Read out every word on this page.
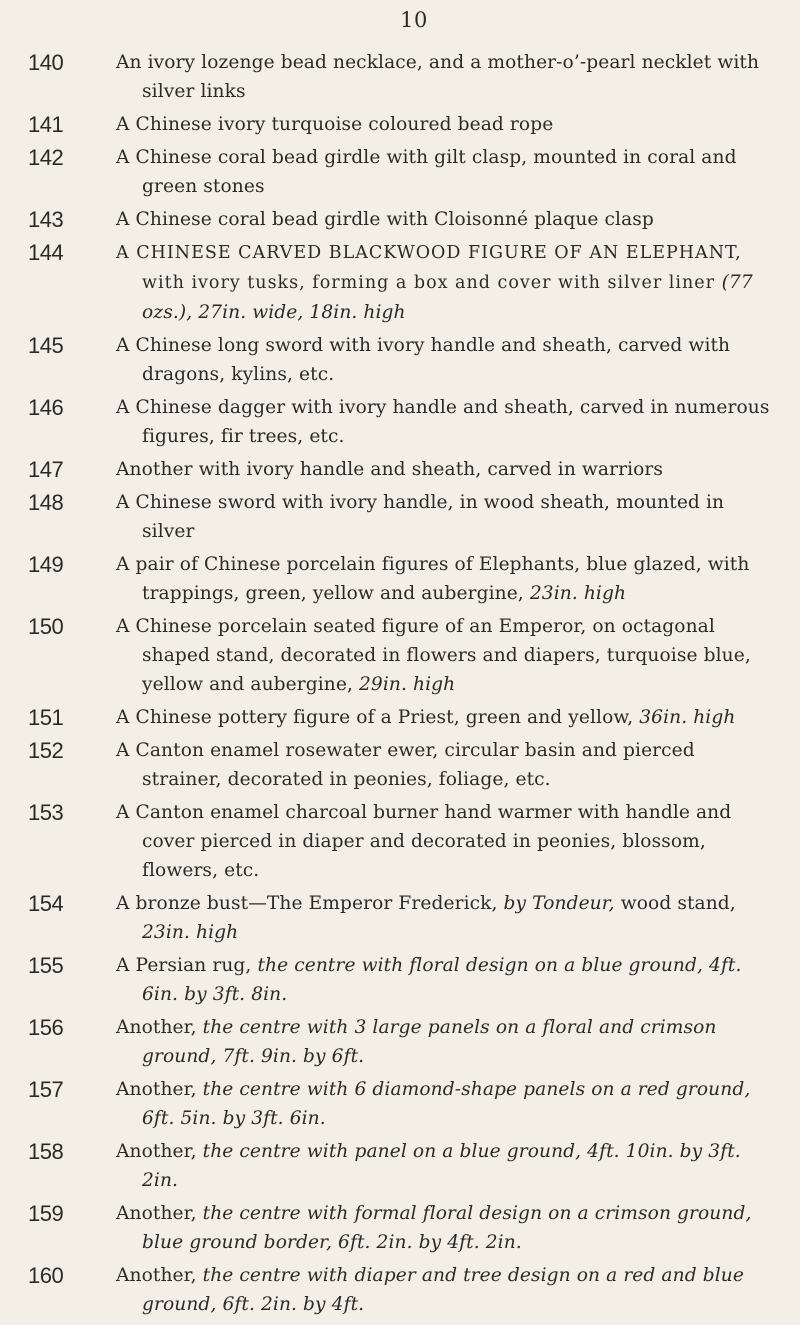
10
140	An ivory lozenge bead necklace, and a mother-o’-pearl necklet with silver links
141	A Chinese ivory turquoise coloured bead rope
142	A Chinese coral bead girdle with gilt clasp, mounted in coral and green stones
143	A Chinese coral bead girdle with Cloisonné plaque clasp
144	A CHINESE CARVED BLACKWOOD FIGURE OF AN ELEPHANT, with ivory tusks, forming a box and cover with silver liner (77 ozs.), 27in. wide, 18in. high
145	A Chinese long sword with ivory handle and sheath, carved with dragons, kylins, etc.
146	A Chinese dagger with ivory handle and sheath, carved in numerous figures, fir trees, etc.
147	Another with ivory handle and sheath, carved in warriors
148	A Chinese sword with ivory handle, in wood sheath, mounted in silver
149	A pair of Chinese porcelain figures of Elephants, blue glazed, with trappings, green, yellow and aubergine, 23in. high
150	A Chinese porcelain seated figure of an Emperor, on octagonal shaped stand, decorated in flowers and diapers, turquoise blue, yellow and aubergine, 29in. high
151	A Chinese pottery figure of a Priest, green and yellow, 36in. high
152	A Canton enamel rosewater ewer, circular basin and pierced strainer, decorated in peonies, foliage, etc.
153	A Canton enamel charcoal burner hand warmer with handle and cover pierced in diaper and decorated in peonies, blossom, flowers, etc.
154	A bronze bust—The Emperor Frederick, by Tondeur, wood stand, 23in. high
155	A Persian rug, the centre with floral design on a blue ground, 4ft. 6in. by 3ft. 8in.
156	Another, the centre with 3 large panels on a floral and crimson ground, 7ft. 9in. by 6ft.
157	Another, the centre with 6 diamond-shape panels on a red ground, 6ft. 5in. by 3ft. 6in.
158	Another, the centre with panel on a blue ground, 4ft. 10in. by 3ft. 2in.
159	Another, the centre with formal floral design on a crimson ground, blue ground border, 6ft. 2in. by 4ft. 2in.
160	Another, the centre with diaper and tree design on a red and blue ground, 6ft. 2in. by 4ft.
